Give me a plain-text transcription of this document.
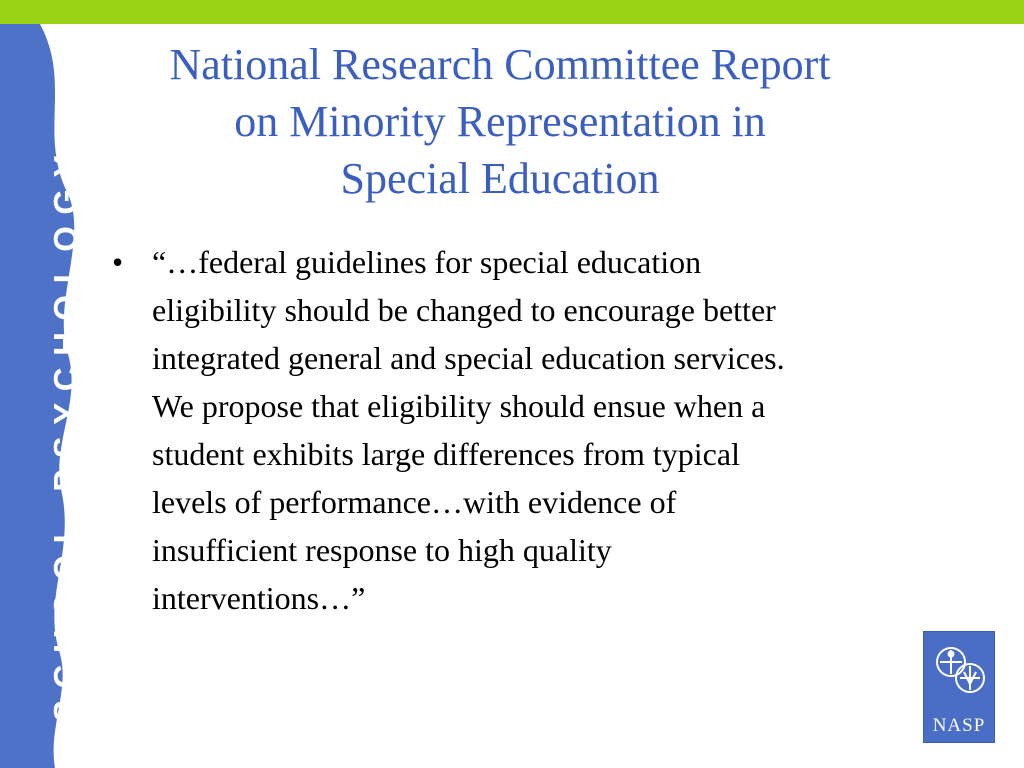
SCHOOL PSYCHOLOGY:
National Research Committee Report
on Minority Representation in
Special Education
• “…federal guidelines for special education
eligibility should be changed to encourage better
integrated general and special education services.
We propose that eligibility should ensue when a
student exhibits large differences from typical
levels of performance…with evidence of
insufficient response to high quality
interventions…”
NASP
